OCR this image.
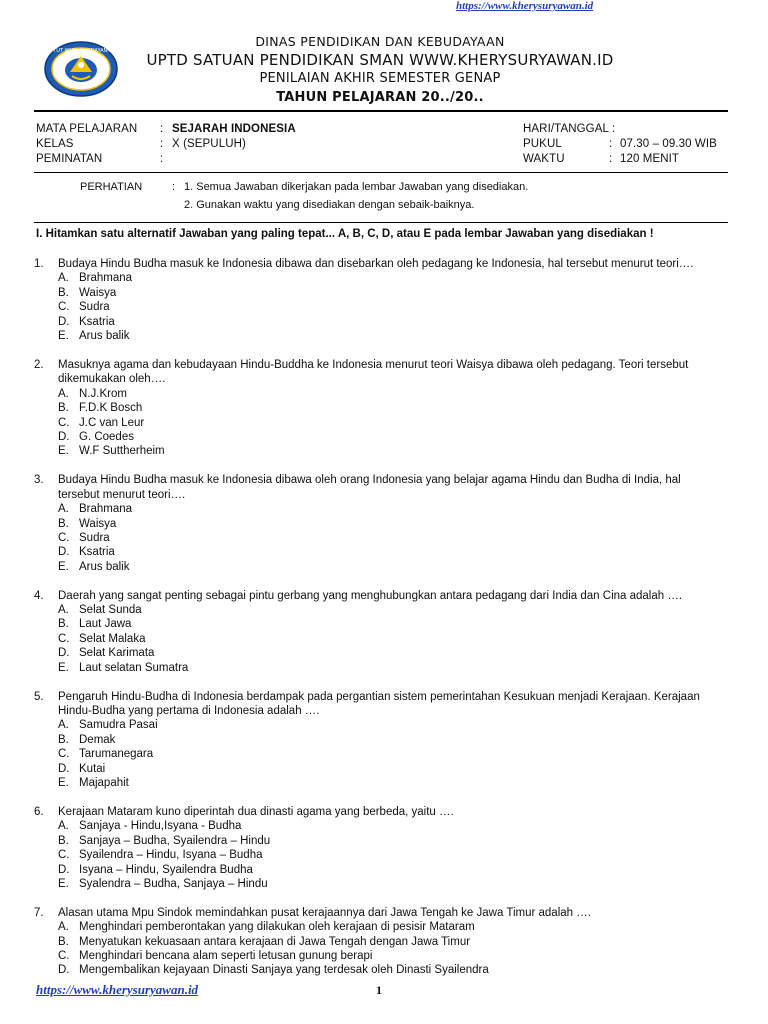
https://www.kherysuryawan.id
TUT WURI HANDAYANI
DINAS PENDIDIKAN DAN KEBUDAYAAN
UPTD SATUAN PENDIDIKAN SMAN WWW.KHERYSURYAWAN.ID
PENILAIAN AKHIR SEMESTER GENAP
TAHUN PELAJARAN 20../20..
MATA PELAJARAN : SEJARAH INDONESIA
KELAS	: X (SEPULUH)
PEMINATAN	:
HARI/TANGGAL :
PUKUL	: 07.30 – 09.30 WIB
WAKTU	: 120 MENIT
PERHATIAN	: 1. Semua Jawaban dikerjakan pada lembar Jawaban yang disediakan.
2. Gunakan waktu yang disediakan dengan sebaik-baiknya.
I. Hitamkan satu alternatif Jawaban yang paling tepat... A, B, C, D, atau E pada lembar Jawaban yang disediakan !
1.	Budaya Hindu Budha masuk ke Indonesia dibawa dan disebarkan oleh pedagang ke Indonesia, hal tersebut menurut teori….
A. Brahmana
B. Waisya
C. Sudra
D. Ksatria
E. Arus balik
2.	Masuknya agama dan kebudayaan Hindu-Buddha ke Indonesia menurut teori Waisya dibawa oleh pedagang. Teori tersebut
dikemukakan oleh….
A. N.J.Krom
B. F.D.K Bosch
C. J.C van Leur
D. G. Coedes
E. W.F Suttherheim
3.	Budaya Hindu Budha masuk ke Indonesia dibawa oleh orang Indonesia yang belajar agama Hindu dan Budha di India, hal
tersebut menurut teori….
A. Brahmana
B. Waisya
C. Sudra
D. Ksatria
E. Arus balik
4.	Daerah yang sangat penting sebagai pintu gerbang yang menghubungkan antara pedagang dari India dan Cina adalah ….
A. Selat Sunda
B. Laut Jawa
C. Selat Malaka
D. Selat Karimata
E. Laut selatan Sumatra
5.	Pengaruh Hindu-Budha di Indonesia berdampak pada pergantian sistem pemerintahan Kesukuan menjadi Kerajaan. Kerajaan
Hindu-Budha yang pertama di Indonesia adalah ….
A. Samudra Pasai
B. Demak
C. Tarumanegara
D. Kutai
E. Majapahit
6.	Kerajaan Mataram kuno diperintah dua dinasti agama yang berbeda, yaitu ….
A. Sanjaya - Hindu,Isyana - Budha
B. Sanjaya – Budha, Syailendra – Hindu
C. Syailendra – Hindu, Isyana – Budha
D. Isyana – Hindu, Syailendra Budha
E. Syalendra – Budha, Sanjaya – Hindu
7.	Alasan utama Mpu Sindok memindahkan pusat kerajaannya dari Jawa Tengah ke Jawa Timur adalah ….
A. Menghindari pemberontakan yang dilakukan oleh kerajaan di pesisir Mataram
B. Menyatukan kekuasaan antara kerajaan di Jawa Tengah dengan Jawa Timur
C. Menghindari bencana alam seperti letusan gunung berapi
D. Mengembalikan kejayaan Dinasti Sanjaya yang terdesak oleh Dinasti Syailendra
https://www.kherysuryawan.id	1
